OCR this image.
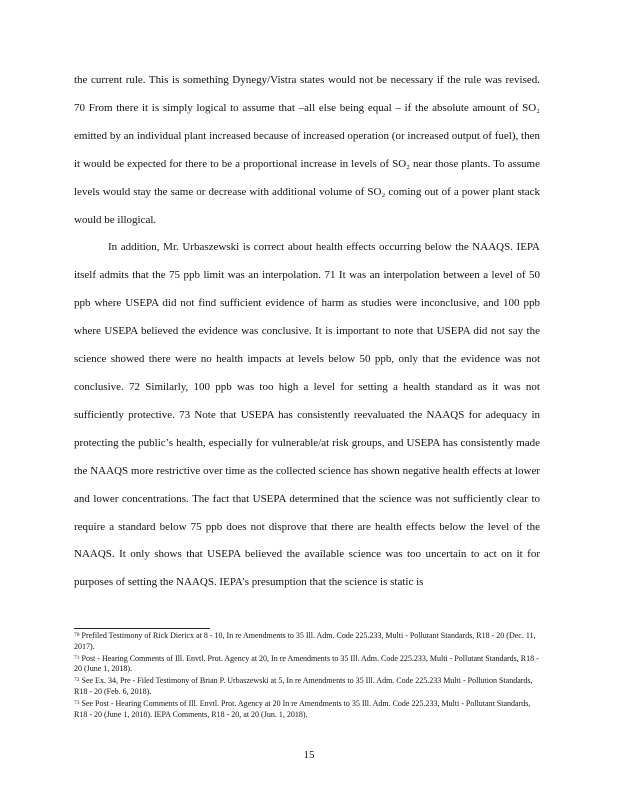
the current rule. This is something Dynegy/Vistra states would not be necessary if the rule was revised. 70 From there it is simply logical to assume that –all else being equal – if the absolute amount of SO₂ emitted by an individual plant increased because of increased operation (or increased output of fuel), then it would be expected for there to be a proportional increase in levels of SO₂ near those plants. To assume levels would stay the same or decrease with additional volume of SO₂ coming out of a power plant stack would be illogical.

In addition, Mr. Urbaszewski is correct about health effects occurring below the NAAQS. IEPA itself admits that the 75 ppb limit was an interpolation. 71 It was an interpolation between a level of 50 ppb where USEPA did not find sufficient evidence of harm as studies were inconclusive, and 100 ppb where USEPA believed the evidence was conclusive. It is important to note that USEPA did not say the science showed there were no health impacts at levels below 50 ppb, only that the evidence was not conclusive. 72 Similarly, 100 ppb was too high a level for setting a health standard as it was not sufficiently protective. 73 Note that USEPA has consistently reevaluated the NAAQS for adequacy in protecting the public’s health, especially for vulnerable/at risk groups, and USEPA has consistently made the NAAQS more restrictive over time as the collected science has shown negative health effects at lower and lower concentrations. The fact that USEPA determined that the science was not sufficiently clear to require a standard below 75 ppb does not disprove that there are health effects below the level of the NAAQS. It only shows that USEPA believed the available science was too uncertain to act on it for purposes of setting the NAAQS. IEPA’s presumption that the science is static is

$^{70}$ Prefiled Testimony of Rick Diericx at 8 - 10, In re Amendments to 35 Ill. Adm. Code 225.233, Multi - Pollutant Standards, R18 - 20 (Dec. 11, 2017).

$^{71}$ Post - Hearing Comments of Ill. Envtl. Prot. Agency at 20, In re Amendments to 35 Ill. Adm. Code 225.233, Multi - Pollutant Standards, R18 - 20 (June 1, 2018).

$^{72}$ See Ex. 34, Pre - Filed Testimony of Brian P. Urbaszewski at 5, In re Amendments to 35 Ill. Adm. Code 225.233 Multi - Pollution Standards, R18 - 20 (Feb. 6, 2018).

$^{73}$ See Post - Hearing Comments of Ill. Envtl. Prot. Agency at 20 In re Amendments to 35 Ill. Adm. Code 225.233, Multi - Pollutant Standards, R18 - 20 (June 1, 2018). IEPA Comments, R18 - 20, at 20 (Jun. 1, 2018).

15
